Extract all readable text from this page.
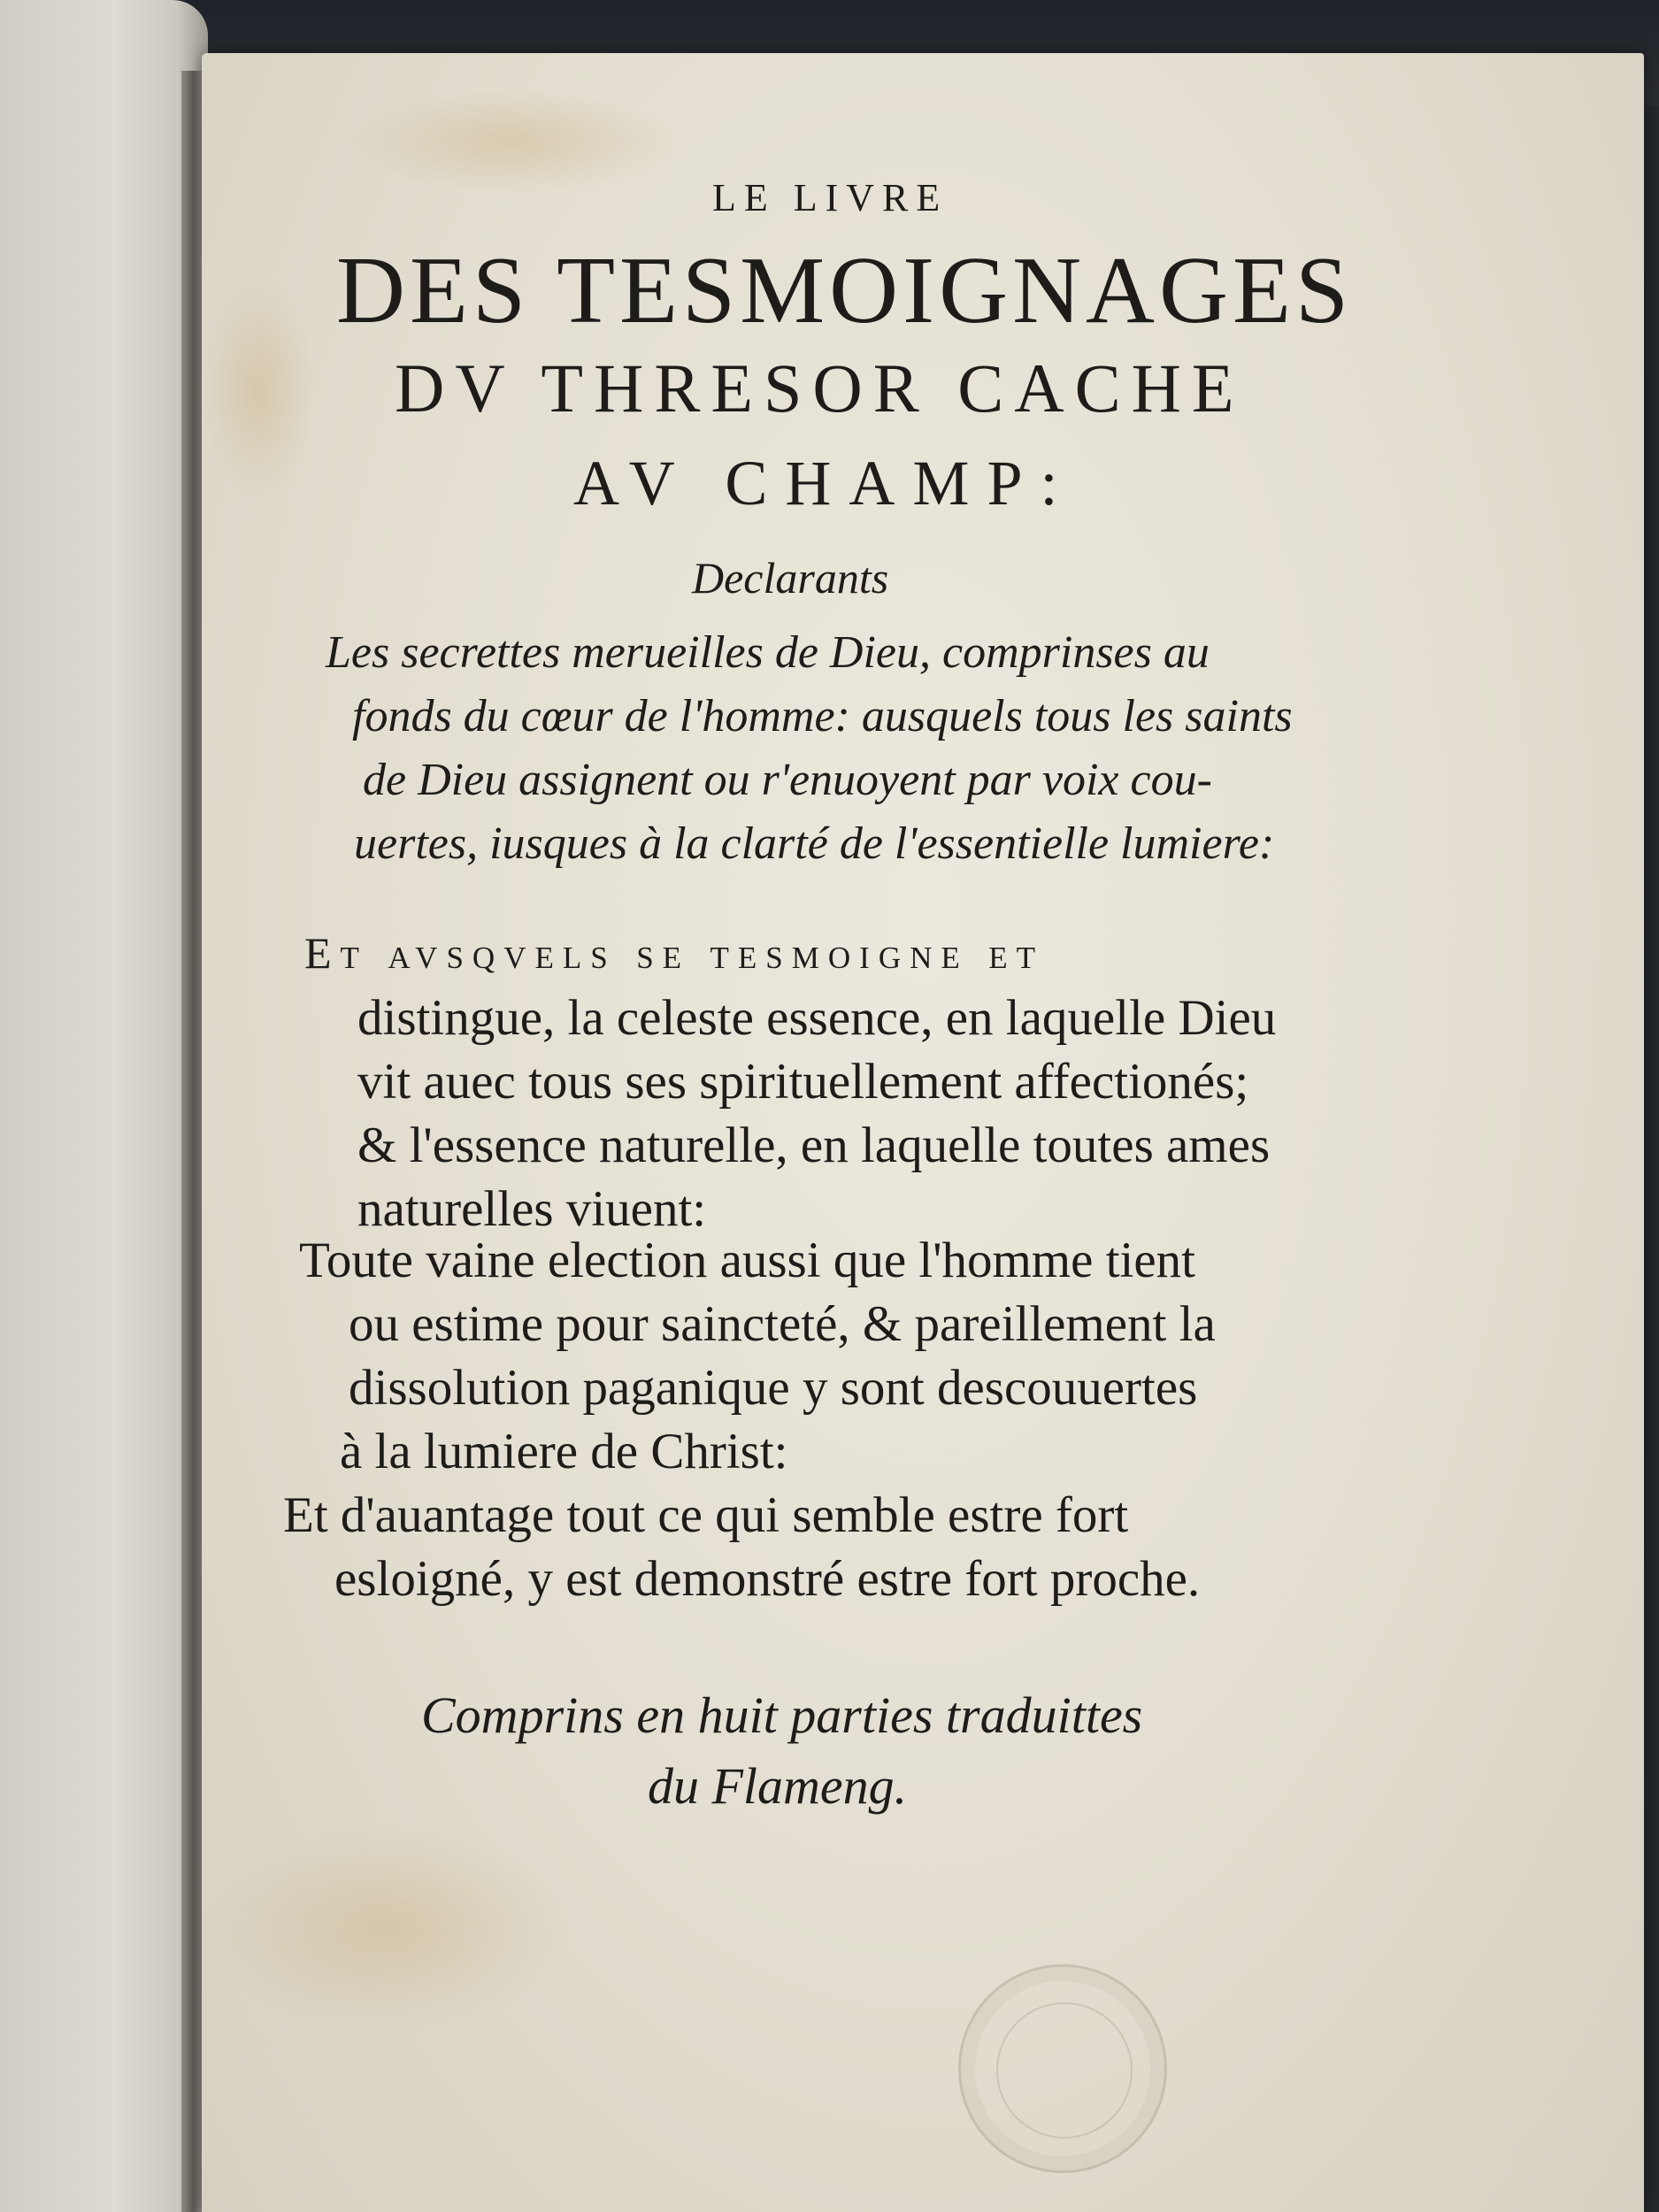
LE LIVRE
DES TESMOIGNAGES
DV THRESOR CACHE
AV CHAMP:
Declarants
Les secrettes merueilles de Dieu, comprinses au
fonds du cœur de l'homme: ausquels tous les saints
de Dieu assignent ou r'enuoyent par voix cou-
uertes, iusques à la clarté de l'essentielle lumiere:
Et avsqvels se tesmoigne et
distingue, la celeste essence, en laquelle Dieu
vit auec tous ses spirituellement affectionés;
& l'essence naturelle, en laquelle toutes ames
naturelles viuent:
Toute vaine election aussi que l'homme tient
ou estime pour saincteté, & pareillement la
dissolution paganique y sont descouuertes
à la lumiere de Christ:
Et d'auantage tout ce qui semble estre fort
esloigné, y est demonstré estre fort proche.
Comprins en huit parties traduittes
du Flameng.
